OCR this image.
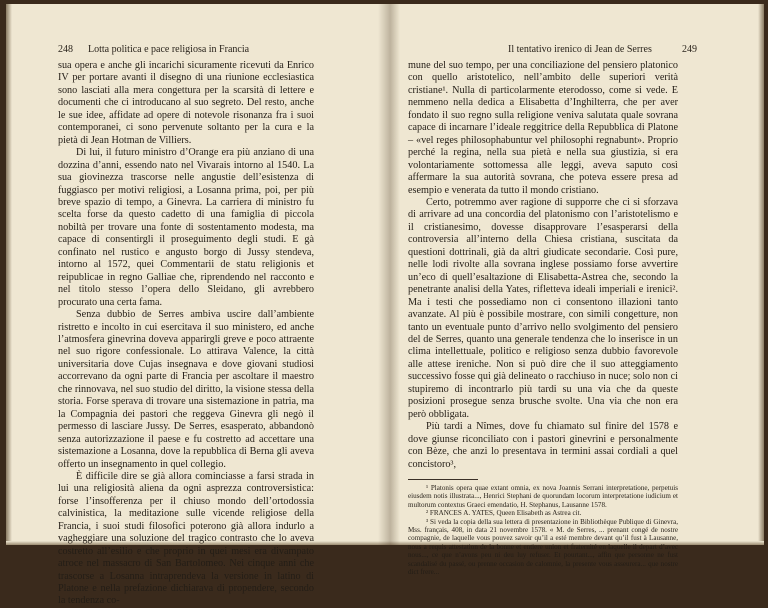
248 Lotta politica e pace religiosa in Francia

sua opera e anche gli incarichi sicuramente ricevuti da Enrico IV per portare avanti il disegno di una riunione ecclesiastica sono lasciati alla mera congettura per la scarsità di lettere e documenti che ci introducano al suo segreto. Del resto, anche le sue idee, affidate ad opere di notevole risonanza fra i suoi contemporanei, ci sono pervenute soltanto per la cura e la pietà di Jean Hotman de Villiers.

Di lui, il futuro ministro d’Orange era più anziano di una dozzina d’anni, essendo nato nel Vivarais intorno al 1540. La sua giovinezza trascorse nelle angustie dell’esistenza di fuggiasco per motivi religiosi, a Losanna prima, poi, per più breve spazio di tempo, a Ginevra. La carriera di ministro fu scelta forse da questo cadetto di una famiglia di piccola nobiltà per trovare una fonte di sostentamento modesta, ma capace di consentirgli il proseguimento degli studi. E gà confinato nel rustico e angusto borgo di Jussy stendeva, intorno al 1572, quei Commentarii de statu religionis et reipublicae in regno Galliae che, riprendendo nel racconto e nel titolo stesso l’opera dello Sleidano, gli avrebbero procurato una certa fama.

Senza dubbio de Serres ambiva uscire dall’ambiente ristretto e incolto in cui esercitava il suo ministero, ed anche l’atmosfera ginevrina doveva apparirgli greve e poco attraente nel suo rigore confessionale. Lo attirava Valence, la città universitaria dove Cujas insegnava e dove giovani studiosi accorrevano da ogni parte di Francia per ascoltare il maestro che rinnovava, nel suo studio del diritto, la visione stessa della storia. Forse sperava di trovare una sistemazione in patria, ma la Compagnia dei pastori che reggeva Ginevra gli negò il permesso di lasciare Jussy. De Serres, esasperato, abbandonò senza autorizzazione il paese e fu costretto ad accettare una sistemazione a Losanna, dove la repubblica di Berna gli aveva offerto un insegnamento in quel collegio.

È difficile dire se già allora cominciasse a farsi strada in lui una religiosità aliena da ogni asprezza controversistica: forse l’insofferenza per il chiuso mondo dell’ortodossia calvinistica, la meditazione sulle vicende religiose della Francia, i suoi studi filosofici poterono già allora indurlo a vagheggiare una soluzione del tragico contrasto che lo aveva costretto all’esilio e che proprio in quei mesi era divampato atroce nel massacro di San Bartolomeo. Nei cinque anni che trascorse a Losanna intraprendeva la versione in latino di Platone e nella prefazione dichiarava di propendere, secondo la tendenza co-

Il tentativo irenico di Jean de Serres	249

mune del suo tempo, per una conciliazione del pensiero platonico con quello aristotelico, nell’ambito delle superiori verità cristiane¹. Nulla di particolarmente eterodosso, come si vede. E nemmeno nella dedica a Elisabetta d’Inghilterra, che per aver fondato il suo regno sulla religione veniva salutata quale sovrana capace di incarnare l’ideale reggitrice della Repubblica di Platone – «vel reges philosophabuntur vel philosophi regnabunt». Proprio perché la regina, nella sua pietà e nella sua giustizia, si era volontariamente sottomessa alle leggi, aveva saputo così affermare la sua autorità sovrana, che poteva essere presa ad esempio e venerata da tutto il mondo cristiano.

Certo, potremmo aver ragione di supporre che ci si sforzava di arrivare ad una concordia del platonismo con l’aristotelismo e il cristianesimo, dovesse disapprovare l’esasperarsi della controversia all’interno della Chiesa cristiana, suscitata da questioni dottrinali, già da altri giudicate secondarie. Così pure, nelle lodi rivolte alla sovrana inglese possiamo forse avvertire un’eco di quell’esaltazione di Elisabetta-Astrea che, secondo la penetrante analisi della Yates, rifletteva ideali imperiali e irenici². Ma i testi che possediamo non ci consentono illazioni tanto avanzate. Al più è possibile mostrare, con simili congetture, non tanto un eventuale punto d’arrivo nello svolgimento del pensiero del de Serres, quanto una generale tendenza che lo inserisce in un clima intellettuale, politico e religioso senza dubbio favorevole alle attese ireniche. Non si può dire che il suo atteggiamento successivo fosse qui già delineato o racchiuso in nuce; solo non ci stupiremo di incontrarlo più tardi su una via che da queste posizioni prosegue senza brusche svolte. Una via che non era però obbligata.

Più tardi a Nîmes, dove fu chiamato sul finire del 1578 e dove giunse riconciliato con i pastori ginevrini e personalmente con Bèze, che anzi lo presentava in termini assai cordiali a quel concistoro³,

¹ Platonis opera quae extant omnia, ex nova Joannis Serrani interpretatione, perpetuis eiusdem notis illustrata..., Henrici Stephani de quorundam locorum interpretatione iudicium et multorum contextus Graeci emendatio, H. Stephanus, Lausanne 1578.

² FRANCES A. YATES, Queen Elisabeth as Astrea cit.

³ Si veda la copia della sua lettera di presentazione in Bibliothèque Publique di Ginevra, Mss. français, 408, in data 21 novembre 1578. « M. de Serres, ... prenant congé de nostre compagnie, de laquelle vous pouvez savoir qu’il a esté membre devant qu’il fust à Lausanne, nous a requis attestation de la bonne et entiere union et fraternité en laquelle il depart d’avec nous..., ce que n’avons peu ni deu luy refuser. Et pourtant..., affin que personne ne fust scandalisé du passé, ou prenne occasion de calomnie, la presente vous asseurera... que nostre dict frere...
